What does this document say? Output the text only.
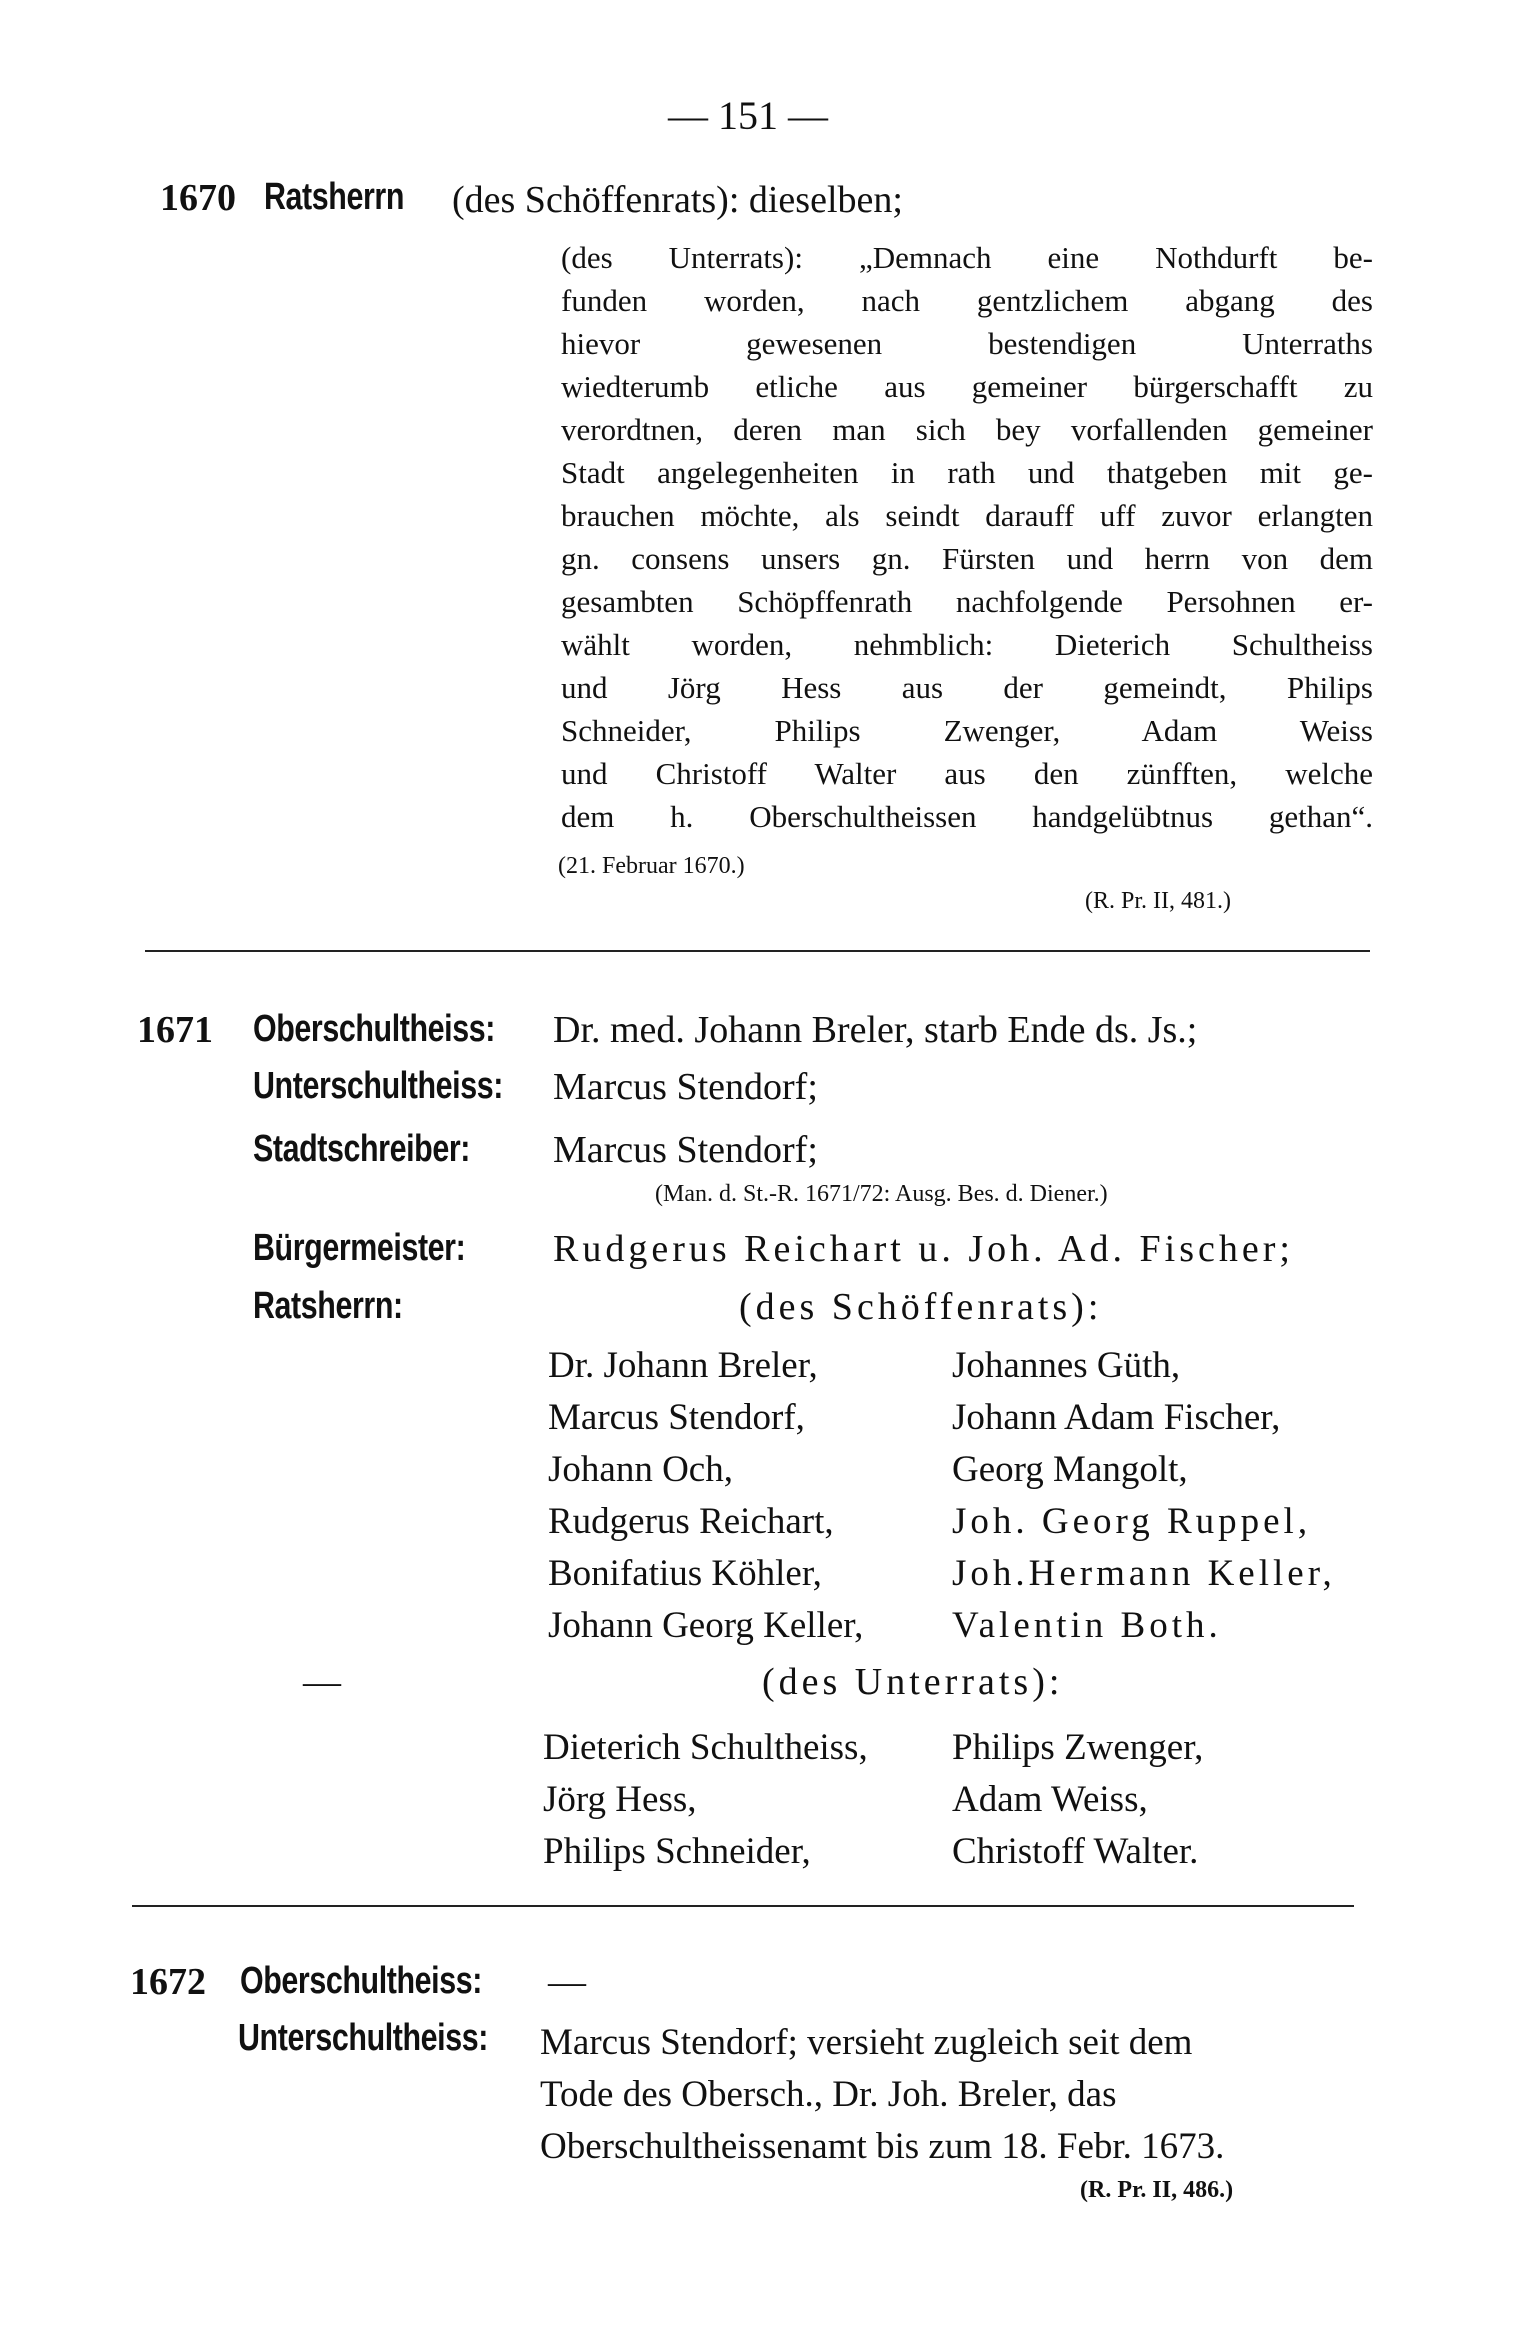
— 151 —
1670 Ratsherrn (des Schöffenrats): dieselben;
(des Unterrats): „Demnach eine Nothdurft be-
funden worden, nach gentzlichem abgang des
hievor gewesenen bestendigen Unterraths
wiedterumb etliche aus gemeiner bürgerschafft zu
verordtnen, deren man sich bey vorfallenden gemeiner
Stadt angelegenheiten in rath und thatgeben mit ge-
brauchen möchte, als seindt darauff uff zuvor erlangten
gn. consens unsers gn. Fürsten und herrn von dem
gesambten Schöpffenrath nachfolgende Persohnen er-
wählt worden, nehmblich: Dieterich Schultheiss
und Jörg Hess aus der gemeindt, Philips
Schneider, Philips Zwenger, Adam Weiss
und Christoff Walter aus den zünfften, welche
dem h. Oberschultheissen handgelübtnus gethan“.
(21. Februar 1670.)
(R. Pr. II, 481.)
1671 Oberschultheiss: Dr. med. Johann Breler, starb Ende ds. Js.;
Unterschultheiss: Marcus Stendorf;
Stadtschreiber: Marcus Stendorf;
(Man. d. St.-R. 1671/72: Ausg. Bes. d. Diener.)
Bürgermeister: Rudgerus Reichart u. Joh. Ad. Fischer;
Ratsherrn:	(des Schöffenrats):
Dr. Johann Breler,
Marcus Stendorf,
Johann Och,
Rudgerus Reichart,
Bonifatius Köhler,
Johann Georg Keller,
Johannes Güth,
Johann Adam Fischer,
Georg Mangolt,
Joh. Georg Ruppel,
Joh.Hermann Keller,
Valentin Both.
—	(des Unterrats):
Dieterich Schultheiss,
Jörg Hess,
Philips Schneider,
Philips Zwenger,
Adam Weiss,
Christoff Walter.
1672 Oberschultheiss: —
Unterschultheiss: Marcus Stendorf; versieht zugleich seit dem
Tode des Obersch., Dr. Joh. Breler, das
Oberschultheissenamt bis zum 18. Febr. 1673.
(R. Pr. II, 486.)
